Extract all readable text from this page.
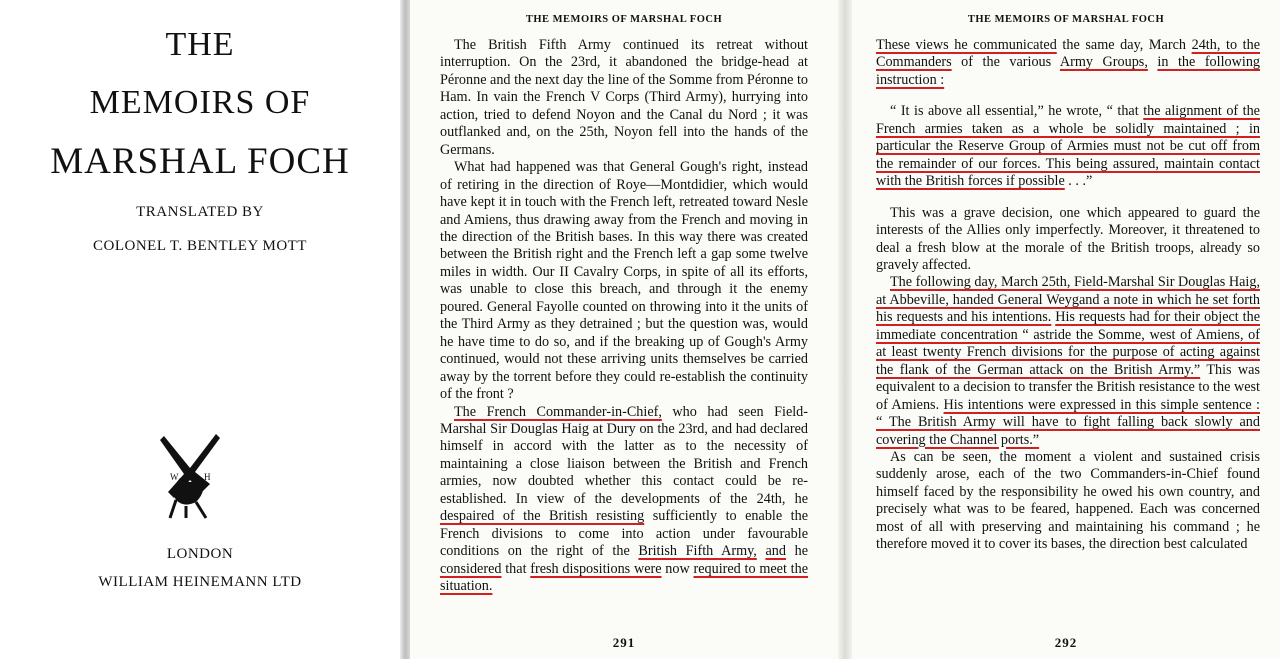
THE
MEMOIRS OF
MARSHAL FOCH
TRANSLATED BY
COLONEL T. BENTLEY MOTT
W	H
LONDON
WILLIAM HEINEMANN LTD
THE MEMOIRS OF MARSHAL FOCH

The British Fifth Army continued its retreat without interruption. On the 23rd, it abandoned the bridge-head at Péronne and the next day the line of the Somme from Péronne to Ham. In vain the French V Corps (Third Army), hurrying into action, tried to defend Noyon and the Canal du Nord ; it was outflanked and, on the 25th, Noyon fell into the hands of the Germans.

What had happened was that General Gough's right, instead of retiring in the direction of Roye—Montdidier, which would have kept it in touch with the French left, retreated toward Nesle and Amiens, thus drawing away from the French and moving in the direction of the British bases. In this way there was created between the British right and the French left a gap some twelve miles in width. Our II Cavalry Corps, in spite of all its efforts, was unable to close this breach, and through it the enemy poured. General Fayolle counted on throwing into it the units of the Third Army as they detrained ; but the question was, would he have time to do so, and if the breaking up of Gough's Army continued, would not these arriving units themselves be carried away by the torrent before they could re-establish the continuity of the front ?

The French Commander-in-Chief, who had seen Field-Marshal Sir Douglas Haig at Dury on the 23rd, and had declared himself in accord with the latter as to the necessity of maintaining a close liaison between the British and French armies, now doubted whether this contact could be re-established. In view of the developments of the 24th, he despaired of the British resisting sufficiently to enable the French divisions to come into action under favourable conditions on the right of the British Fifth Army, and he considered that fresh dispositions were now required to meet the situation.

291
THE MEMOIRS OF MARSHAL FOCH

These views he communicated the same day, March 24th, to the Commanders of the various Army Groups, in the following instruction :

“ It is above all essential,” he wrote, “ that the alignment of the French armies taken as a whole be solidly maintained ; in particular the Reserve Group of Armies must not be cut off from the remainder of our forces. This being assured, maintain contact with the British forces if possible . . .”

This was a grave decision, one which appeared to guard the interests of the Allies only imperfectly. Moreover, it threatened to deal a fresh blow at the morale of the British troops, already so gravely affected.

The following day, March 25th, Field-Marshal Sir Douglas Haig, at Abbeville, handed General Weygand a note in which he set forth his requests and his intentions. His requests had for their object the immediate concentration “ astride the Somme, west of Amiens, of at least twenty French divisions for the purpose of acting against the flank of the German attack on the British Army.” This was equivalent to a decision to transfer the British resistance to the west of Amiens. His intentions were expressed in this simple sentence : “ The British Army will have to fight falling back slowly and covering the Channel ports.”

As can be seen, the moment a violent and sustained crisis suddenly arose, each of the two Commanders-in-Chief found himself faced by the responsibility he owed his own country, and precisely what was to be feared, happened. Each was concerned most of all with preserving and maintaining his command ; he therefore moved it to cover its bases, the direction best calculated

292
